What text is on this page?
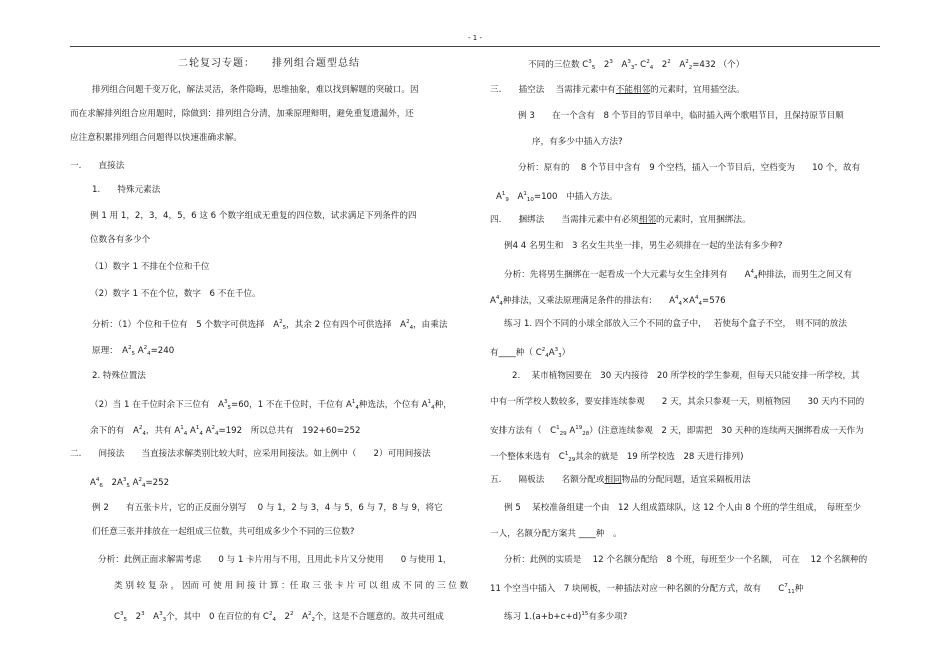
- 1 -
二轮复习专题：　　排列组合题型总结
排列组合问题千变万化，解法灵活，条件隐晦，思维抽象，难以找到解题的突破口。因
而在求解排列组合应用题时，除做到：排列组合分清，加乘原理辩明，避免重复遗漏外，还
应注意积累排列组合问题得以快速准确求解。
一.　　直接法
1.　　特殊元素法
例 1 用 1，2，3，4，5，6 这 6 个数字组成无重复的四位数，试求满足下列条件的四
位数各有多少个
（1）数字 1 不排在个位和千位
（2）数字 1 不在个位，数字　6 不在千位。
分析：（1）个位和千位有　5 个数字可供选择　$A^2_5$，其余 2 位有四个可供选择　$A^2_4$，由乘法
原理：　$A^2_5$ $A^2_4=240$
2. 特殊位置法
（2）当 1 在千位时余下三位有　$A^3_5=60$，1 不在千位时，千位有 $A^1_4$种选法，个位有 $A^1_4$种，
余下的有　$A^2_4$，共有 $A^1_4$ $A^1_4$ $A^2_4=192$　所以总共有　192+60=252
二.　　间接法　　当直接法求解类别比较大时，应采用间接法。如上例中（　　2）可用间接法
$A^4_6$　$2A^3_5$ $A^2_4=252$
例 2　　有五张卡片，它的正反面分别写　 0 与 1，2 与 3，4 与 5，6 与 7，8 与 9，将它
们任意三张并排放在一起组成三位数，共可组成多少个不同的三位数?
分析：此例正面求解需考虑　　0 与 1 卡片用与不用，且用此卡片又分使用　　0 与使用 1，
类 别 较 复 杂 ， 因而 可 使 用 间 接 计 算 ：任 取 三 张 卡 片 可 以 组 成 不 同 的 三 位 数
$C^3_5$　$2^3$　$A^3_3$个，其中　0 在百位的有 $C^2_4$　$2^2$　$A^2_2$个，这是不合题意的。故共可组成
不同的三位数 $C^3_5$　$2^3$　$A^3_3-$ $C^2_4$　$2^2$　$A^2_2=432$ （个）
三.　　插空法　 当需排元素中有不能相邻的元素时，宜用插空法。
例 3　　在一个含有　8 个节目的节目单中，临时插入两个歌唱节目，且保持原节目顺
序，有多少中插入方法?
分析：原有的　 8 个节目中含有　9 个空档，插入一个节目后，空档变为　　10 个，故有
$A^1_9$　$A^1_{10}=100$　中插入方法。
四.　　捆绑法　　当需排元素中有必须相邻的元素时，宜用捆绑法。
例4 4 名男生和　3 名女生共坐一排，男生必须排在一起的坐法有多少种?
分析：先将男生捆绑在一起看成一个大元素与女生全排列有　　$A^4_4$种排法，而男生之间又有
$A^4_4$种排法，又乘法原理满足条件的排法有:　　$A^4_4\times A^4_4=576$
练习 1. 四个不同的小球全部放入三个不同的盒子中，　 若使每个盒子不空，　则不同的放法
有____种（ $C^2_4A^3_3$）
2.　 某市植物园要在　30 天内接待　20 所学校的学生参观，但每天只能安排一所学校，其
中有一所学校人数较多，要安排连续参观　　2 天，其余只参观一天，则植物园　　30 天内不同的
安排方法有（　$C^1_{29}$ $A^{19}_{28}$）(注意连续参观　2 天，即需把　30 天种的连续两天捆绑看成一天作为
一个整体来选有　$C^1_{29}$其余的就是　19 所学校选　28 天进行排列)
五.　　隔板法　　名额分配或相同物品的分配问题，适宜采隔板用法
例 5　 某校准备组建一个由　12 人组成篮球队，这 12 个人由 8 个班的学生组成，　每班至少
一人，名额分配方案共 ____种　。
分析：此例的实质是　 12 个名额分配给　8 个班，每班至少一个名额，　可在　 12 个名额种的
11 个空当中插入　7 块闸板，一种插法对应一种名额的分配方式，故有　　$C^7_{11}$种
练习 $1.(a+b+c+d)^{15}$有多少项?
